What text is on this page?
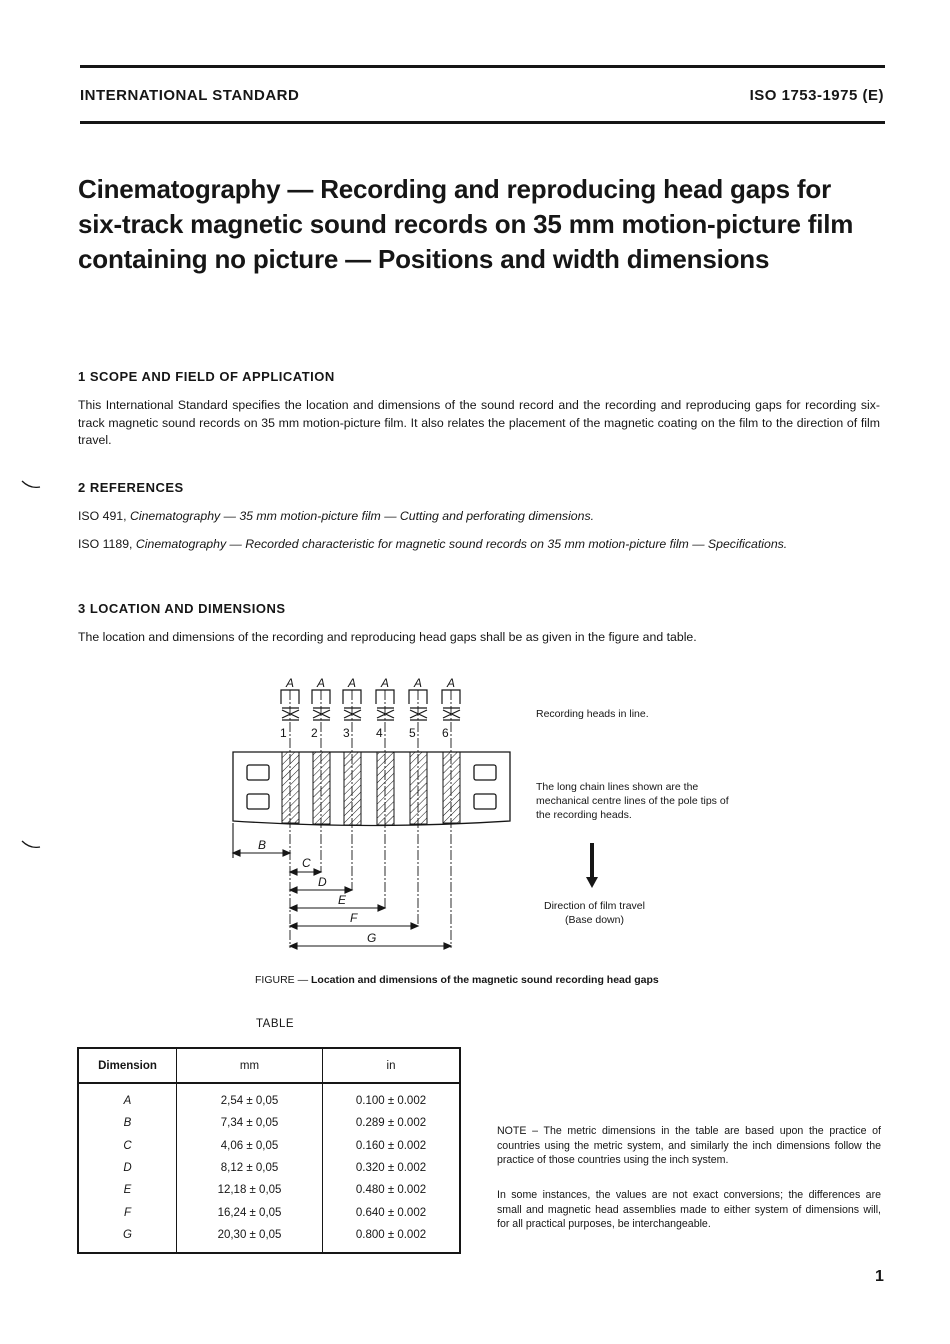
INTERNATIONAL STANDARD	ISO 1753-1975 (E)
Cinematography — Recording and reproducing head gaps for six-track magnetic sound records on 35 mm motion-picture film containing no picture — Positions and width dimensions
1 SCOPE AND FIELD OF APPLICATION
This International Standard specifies the location and dimensions of the sound record and the recording and reproducing gaps for recording six-track magnetic sound records on 35 mm motion-picture film. It also relates the placement of the magnetic coating on the film to the direction of film travel.
2 REFERENCES
ISO 491, Cinematography — 35 mm motion-picture film — Cutting and perforating dimensions.
ISO 1189, Cinematography — Recorded characteristic for magnetic sound records on 35 mm motion-picture film — Specifications.
3 LOCATION AND DIMENSIONS
The location and dimensions of the recording and reproducing head gaps shall be as given in the figure and table.
A A A A A A
1 2 3 4 5 6
B
C
D
E
F
G
Recording heads in line.
The long chain lines shown are the mechanical centre lines of the pole tips of the recording heads.
Direction of film travel
(Base down)
FIGURE — Location and dimensions of the magnetic sound recording head gaps
TABLE
Dimension	mm	in
A	2,54 ± 0,05	0.100 ± 0.002
B	7,34 ± 0,05	0.289 ± 0.002
C	4,06 ± 0,05	0.160 ± 0.002
D	8,12 ± 0,05	0.320 ± 0.002
E	12,18 ± 0,05	0.480 ± 0.002
F	16,24 ± 0,05	0.640 ± 0.002
G	20,30 ± 0,05	0.800 ± 0.002
NOTE – The metric dimensions in the table are based upon the practice of countries using the metric system, and similarly the inch dimensions follow the practice of those countries using the inch system.
In some instances, the values are not exact conversions; the differences are small and magnetic head assemblies made to either system of dimensions will, for all practical purposes, be interchangeable.
1
